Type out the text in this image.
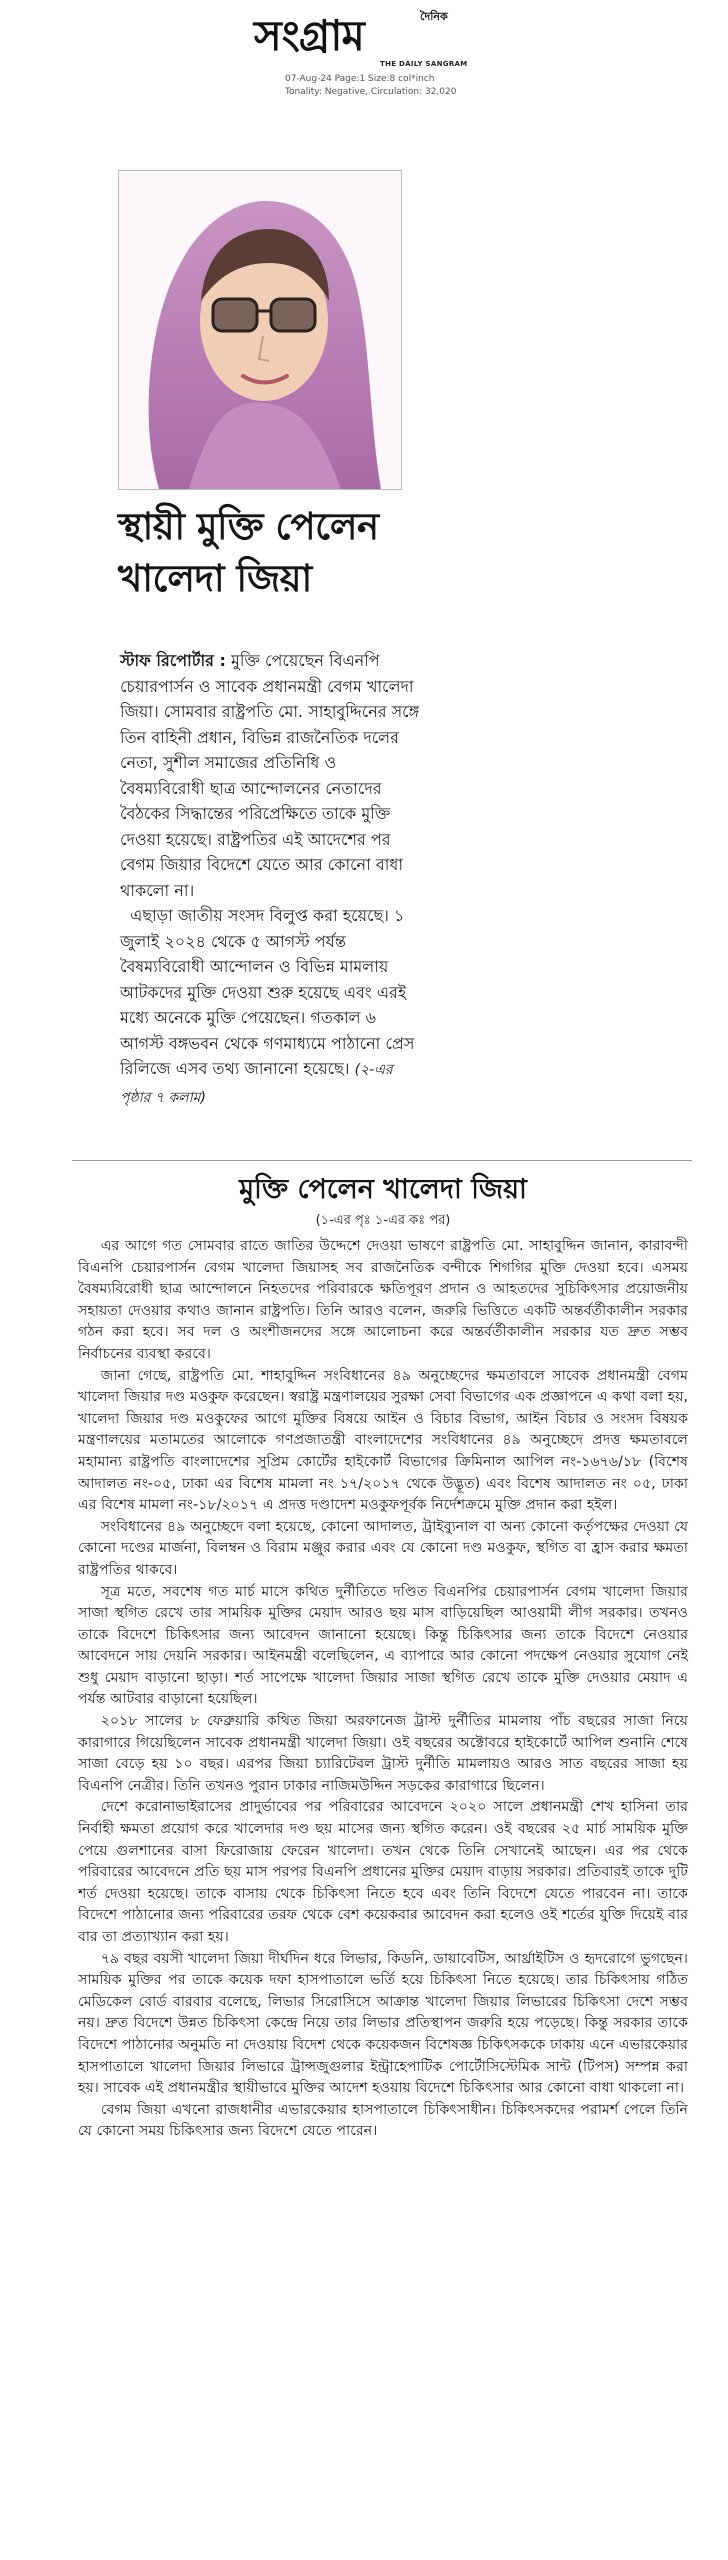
দৈনিক
সংগ্রাম
THE DAILY SANGRAM
07-Aug-24 Page:1 Size:8 col*inch
Tonality: Negative, Circulation: 32,020
স্থায়ী মুক্তি পেলেন
খালেদা জিয়া

স্টাফ রিপোর্টার : মুক্তি পেয়েছেন বিএনপি চেয়ারপার্সন ও সাবেক প্রধানমন্ত্রী বেগম খালেদা জিয়া। সোমবার রাষ্ট্রপতি মো. সাহাবুদ্দিনের সঙ্গে তিন বাহিনী প্রধান, বিভিন্ন রাজনৈতিক দলের নেতা, সুশীল সমাজের প্রতিনিধি ও বৈষম্যবিরোধী ছাত্র আন্দোলনের নেতাদের বৈঠকের সিদ্ধান্তের পরিপ্রেক্ষিতে তাকে মুক্তি দেওয়া হয়েছে। রাষ্ট্রপতির এই আদেশের পর বেগম জিয়ার বিদেশে যেতে আর কোনো বাধা থাকলো না।

এছাড়া জাতীয় সংসদ বিলুপ্ত করা হয়েছে। ১ জুলাই ২০২৪ থেকে ৫ আগস্ট পর্যন্ত বৈষম্যবিরোধী আন্দোলন ও বিভিন্ন মামলায় আটকদের মুক্তি দেওয়া শুরু হয়েছে এবং এরই মধ্যে অনেকে মুক্তি পেয়েছেন। গতকাল ৬ আগস্ট বঙ্গভবন থেকে গণমাধ্যমে পাঠানো প্রেস রিলিজে এসব তথ্য জানানো হয়েছে। (২-এর পৃষ্ঠার ৭ কলাম)

মুক্তি পেলেন খালেদা জিয়া
(১-এর পৃঃ ১-এর কঃ পর)

এর আগে গত সোমবার রাতে জাতির উদ্দেশে দেওয়া ভাষণে রাষ্ট্রপতি মো. সাহাবুদ্দিন জানান, কারাবন্দী বিএনপি চেয়ারপার্সন বেগম খালেদা জিয়াসহ সব রাজনৈতিক বন্দীকে শিগগির মুক্তি দেওয়া হবে। এসময় বৈষম্যবিরোধী ছাত্র আন্দোলনে নিহতদের পরিবারকে ক্ষতিপূরণ প্রদান ও আহতদের সুচিকিৎসার প্রয়োজনীয় সহায়তা দেওয়ার কথাও জানান রাষ্ট্রপতি। তিনি আরও বলেন, জরুরি ভিত্তিতে একটি অন্তর্বর্তীকালীন সরকার গঠন করা হবে। সব দল ও অংশীজনদের সঙ্গে আলোচনা করে অন্তর্বর্তীকালীন সরকার যত দ্রুত সম্ভব নির্বাচনের ব্যবস্থা করবে।

জানা গেছে, রাষ্ট্রপতি মো. শাহাবুদ্দিন সংবিধানের ৪৯ অনুচ্ছেদের ক্ষমতাবলে সাবেক প্রধানমন্ত্রী বেগম খালেদা জিয়ার দণ্ড মওকুফ করেছেন। স্বরাষ্ট্র মন্ত্রণালয়ের সুরক্ষা সেবা বিভাগের এক প্রজ্ঞাপনে এ কথা বলা হয়, খালেদা জিয়ার দণ্ড মওকুফের আগে মুক্তির বিষয়ে আইন ও বিচার বিভাগ, আইন বিচার ও সংসদ বিষয়ক মন্ত্রণালয়ের মতামতের আলোকে গণপ্রজাতন্ত্রী বাংলাদেশের সংবিধানের ৪৯ অনুচ্ছেদে প্রদত্ত ক্ষমতাবলে মহামান্য রাষ্ট্রপতি বাংলাদেশের সুপ্রিম কোর্টের হাইকোর্ট বিভাগের ক্রিমিনাল আপিল নং-১৬৭৬/১৮ (বিশেষ আদালত নং-০৫, ঢাকা এর বিশেষ মামলা নং ১৭/২০১৭ থেকে উদ্ভূত) এবং বিশেষ আদালত নং ০৫, ঢাকা এর বিশেষ মামলা নং-১৮/২০১৭ এ প্রদত্ত দণ্ডাদেশ মওকুফপূর্বক নির্দেশক্রমে মুক্তি প্রদান করা হইল।

সংবিধানের ৪৯ অনুচ্ছেদে বলা হয়েছে, কোনো আদালত, ট্রাইব্যুনাল বা অন্য কোনো কর্তৃপক্ষের দেওয়া যে কোনো দণ্ডের মার্জনা, বিলম্বন ও বিরাম মঞ্জুর করার এবং যে কোনো দণ্ড মওকুফ, স্থগিত বা হ্রাস করার ক্ষমতা রাষ্ট্রপতির থাকবে।

সূত্র মতে, সবশেষ গত মার্চ মাসে কথিত দুর্নীতিতে দণ্ডিত বিএনপির চেয়ারপার্সন বেগম খালেদা জিয়ার সাজা স্থগিত রেখে তার সাময়িক মুক্তির মেয়াদ আরও ছয় মাস বাড়িয়েছিল আওয়ামী লীগ সরকার। তখনও তাকে বিদেশে চিকিৎসার জন্য আবেদন জানানো হয়েছে। কিন্তু চিকিৎসার জন্য তাকে বিদেশে নেওয়ার আবেদনে সায় দেয়নি সরকার। আইনমন্ত্রী বলেছিলেন, এ ব্যাপারে আর কোনো পদক্ষেপ নেওয়ার সুযোগ নেই শুধু মেয়াদ বাড়ানো ছাড়া। শর্ত সাপেক্ষে খালেদা জিয়ার সাজা স্থগিত রেখে তাকে মুক্তি দেওয়ার মেয়াদ এ পর্যন্ত আটবার বাড়ানো হয়েছিল।

২০১৮ সালের ৮ ফেব্রুয়ারি কথিত জিয়া অরফানেজ ট্রাস্ট দুর্নীতির মামলায় পাঁচ বছরের সাজা নিয়ে কারাগারে গিয়েছিলেন সাবেক প্রধানমন্ত্রী খালেদা জিয়া। ওই বছরের অক্টোবরে হাইকোর্টে আপিল শুনানি শেষে সাজা বেড়ে হয় ১০ বছর। এরপর জিয়া চ্যারিটেবল ট্রাস্ট দুর্নীতি মামলায়ও আরও সাত বছরের সাজা হয় বিএনপি নেত্রীর। তিনি তখনও পুরান ঢাকার নাজিমউদ্দিন সড়কের কারাগারে ছিলেন।

দেশে করোনাভাইরাসের প্রাদুর্ভাবের পর পরিবারের আবেদনে ২০২০ সালে প্রধানমন্ত্রী শেখ হাসিনা তার নির্বাহী ক্ষমতা প্রয়োগ করে খালেদার দণ্ড ছয় মাসের জন্য স্থগিত করেন। ওই বছরের ২৫ মার্চ সাময়িক মুক্তি পেয়ে গুলশানের বাসা ফিরোজায় ফেরেন খালেদা। তখন থেকে তিনি সেখানেই আছেন। এর পর থেকে পরিবারের আবেদনে প্রতি ছয় মাস পরপর বিএনপি প্রধানের মুক্তির মেয়াদ বাড়ায় সরকার। প্রতিবারই তাকে দুটি শর্ত দেওয়া হয়েছে। তাকে বাসায় থেকে চিকিৎসা নিতে হবে এবং তিনি বিদেশে যেতে পারবেন না। তাকে বিদেশে পাঠানোর জন্য পরিবারের তরফ থেকে বেশ কয়েকবার আবেদন করা হলেও ওই শর্তের যুক্তি দিয়েই বার বার তা প্রত্যাখ্যান করা হয়।

৭৯ বছর বয়সী খালেদা জিয়া দীর্ঘদিন ধরে লিভার, কিডনি, ডায়াবেটিস, আর্থ্রাইটিস ও হৃদরোগে ভুগছেন। সাময়িক মুক্তির পর তাকে কয়েক দফা হাসপাতালে ভর্তি হয়ে চিকিৎসা নিতে হয়েছে। তার চিকিৎসায় গঠিত মেডিকেল বোর্ড বারবার বলেছে, লিভার সিরোসিসে আক্রান্ত খালেদা জিয়ার লিভারের চিকিৎসা দেশে সম্ভব নয়। দ্রুত বিদেশে উন্নত চিকিৎসা কেন্দ্রে নিয়ে তার লিভার প্রতিস্থাপন জরুরি হয়ে পড়েছে। কিন্তু সরকার তাকে বিদেশে পাঠানোর অনুমতি না দেওয়ায় বিদেশ থেকে কয়েকজন বিশেষজ্ঞ চিকিৎসককে ঢাকায় এনে এভারকেয়ার হাসপাতালে খালেদা জিয়ার লিভারে ট্রান্সজুগুলার ইন্ট্রাহেপাটিক পোর্টোসিস্টেমিক সান্ট (টিপস) সম্পন্ন করা হয়। সাবেক এই প্রধানমন্ত্রীর স্থায়ীভাবে মুক্তির আদেশ হওয়ায় বিদেশে চিকিৎসার আর কোনো বাধা থাকলো না।

বেগম জিয়া এখনো রাজধানীর এভারকেয়ার হাসপাতালে চিকিৎসাধীন। চিকিৎসকদের পরামর্শ পেলে তিনি যে কোনো সময় চিকিৎসার জন্য বিদেশে যেতে পারেন।
